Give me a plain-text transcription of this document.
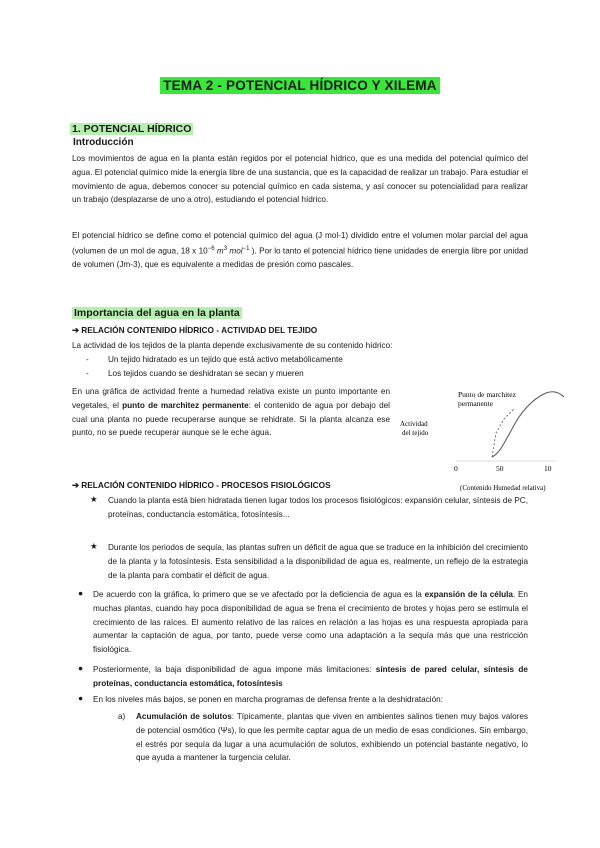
TEMA 2 - POTENCIAL HÍDRICO Y XILEMA
1. POTENCIAL HÍDRICO
Introducción
Los movimientos de agua en la planta están regidos por el potencial hídrico, que es una medida del potencial químico del agua. El potencial químico mide la energía libre de una sustancia, que es la capacidad de realizar un trabajo. Para estudiar el movimiento de agua, debemos conocer su potencial químico en cada sistema, y así conocer su potencialidad para realizar un trabajo (desplazarse de uno a otro), estudiando el potencial hídrico.
El potencial hídrico se define como el potencial químico del agua (J mol-1) dividido entre el volumen molar parcial del agua (volumen de un mol de agua, 18 x $10^{-6}$ $m^3$ mol$^{-1}$ ). Por lo tanto el potencial hídrico tiene unidades de energía libre por unidad de volumen (Jm-3), que es equivalente a medidas de presión como pascales.
Importancia del agua en la planta
➔ RELACIÓN CONTENIDO HÍDRICO - ACTIVIDAD DEL TEJIDO
La actividad de los tejidos de la planta depende exclusivamente de su contenido hídrico:
- Un tejido hidratado es un tejido que está activo metabólicamente
- Los tejidos cuando se deshidratan se secan y mueren
En una gráfica de actividad frente a humedad relativa existe un punto importante en vegetales, el punto de marchitez permanente: el contenido de agua por debajo del cual una planta no puede recuperarse aunque se rehidrate. Si la planta alcanza ese punto, no se puede recuperar aunque se le eche agua.
Punto de marchitez
permanente
Actividad
del tejido
0	50	10
(Contenido Humedad relativa)
➔ RELACIÓN CONTENIDO HÍDRICO - PROCESOS FISIOLÓGICOS
★ Cuando la planta está bien hidratada tienen lugar todos los procesos fisiológicos: expansión celular, síntesis de PC, proteínas, conductancia estomática, fotosíntesis...
★ Durante los periodos de sequía, las plantas sufren un déficit de agua que se traduce en la inhibición del crecimiento de la planta y la fotosíntesis. Esta sensibilidad a la disponibilidad de agua es, realmente, un reflejo de la estrategia de la planta para combatir el déficit de agua.
● De acuerdo con la gráfica, lo primero que se ve afectado por la deficiencia de agua es la expansión de la célula. En muchas plantas, cuando hay poca disponibilidad de agua se frena el crecimiento de brotes y hojas pero se estimula el crecimiento de las raíces. El aumento relativo de las raíces en relación a las hojas es una respuesta apropiada para aumentar la captación de agua, por tanto, puede verse como una adaptación a la sequía más que una restricción fisiológica.
● Posteriormente, la baja disponibilidad de agua impone más limitaciones: síntesis de pared celular, síntesis de proteínas, conductancia estomática, fotosíntesis
● En los niveles más bajos, se ponen en marcha programas de defensa frente a la deshidratación:
a) Acumulación de solutos: Típicamente, plantas que viven en ambientes salinos tienen muy bajos valores de potencial osmótico (Ψs), lo que les permite captar agua de un medio de esas condiciones. Sin embargo, el estrés por sequía da lugar a una acumulación de solutos, exhibiendo un potencial bastante negativo, lo que ayuda a mantener la turgencia celular.
